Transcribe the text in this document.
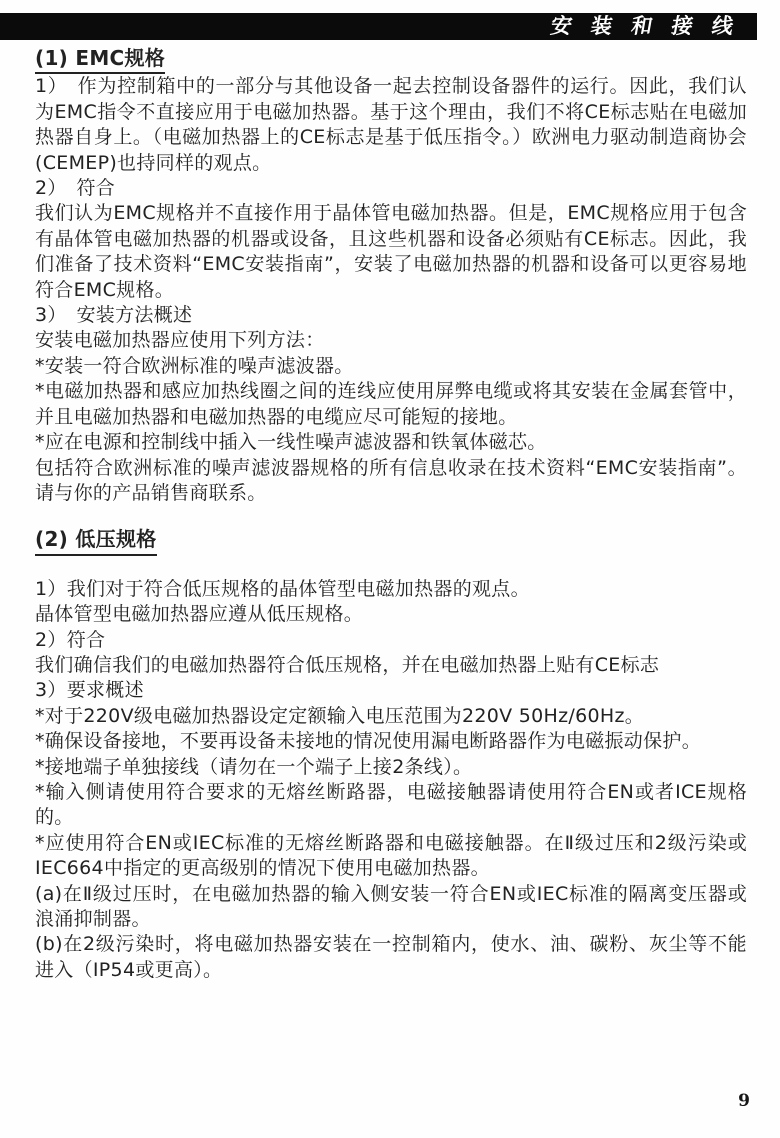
安 装 和 接 线
(1) EMC规格

1）　作为控制箱中的一部分与其他设备一起去控制设备器件的运行。因此，我们认为EMC指令不直接应用于电磁加热器。基于这个理由，我们不将CE标志贴在电磁加热器自身上。（电磁加热器上的CE标志是基于低压指令。）欧洲电力驱动制造商协会(CEMEP)也持同样的观点。

2）　符合

我们认为EMC规格并不直接作用于晶体管电磁加热器。但是，EMC规格应用于包含有晶体管电磁加热器的机器或设备，且这些机器和设备必须贴有CE标志。因此，我们准备了技术资料“EMC安装指南”，安装了电磁加热器的机器和设备可以更容易地符合EMC规格。

3）　安装方法概述

安装电磁加热器应使用下列方法：

*安装一符合欧洲标准的噪声滤波器。

*电磁加热器和感应加热线圈之间的连线应使用屏弊电缆或将其安装在金属套管中，并且电磁加热器和电磁加热器的电缆应尽可能短的接地。

*应在电源和控制线中插入一线性噪声滤波器和铁氧体磁芯。

包括符合欧洲标准的噪声滤波器规格的所有信息收录在技术资料“EMC安装指南”。请与你的产品销售商联系。

(2) 低压规格

1）我们对于符合低压规格的晶体管型电磁加热器的观点。

晶体管型电磁加热器应遵从低压规格。

2）符合

我们确信我们的电磁加热器符合低压规格，并在电磁加热器上贴有CE标志

3）要求概述

*对于220V级电磁加热器设定定额输入电压范围为220V 50Hz/60Hz。

*确保设备接地，不要再设备未接地的情况使用漏电断路器作为电磁振动保护。

*接地端子单独接线（请勿在一个端子上接2条线）。

*输入侧请使用符合要求的无熔丝断路器，电磁接触器请使用符合EN或者ICE规格的。

*应使用符合EN或IEC标准的无熔丝断路器和电磁接触器。在Ⅱ级过压和2级污染或IEC664中指定的更高级别的情况下使用电磁加热器。

(a)在Ⅱ级过压时，在电磁加热器的输入侧安装一符合EN或IEC标准的隔离变压器或浪涌抑制器。

(b)在2级污染时，将电磁加热器安装在一控制箱内，使水、油、碳粉、灰尘等不能进入（IP54或更高）。

9
